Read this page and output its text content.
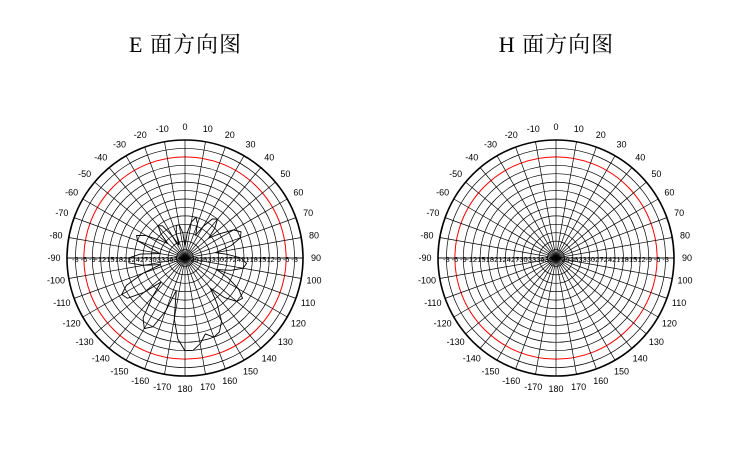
E 面方向图
180
-170
-160
-150
-140
-130
-120
-110
-100
-90
-80
-70
-60
-50
-40
-30
-20
-10 0 10
20
30
40
50
60
70
80
90
100
110
120
130
140
150
160
170
-39 -39
-36	-36
-33	-33
-30	-30
-27	-27
-24	-24
-21	-21
-18	-18
-15	-15
-12	-12
-9	-9
-6	-6
-3	-3
H 面方向图
180
-170
-160
-150
-140
-130
-120
-110
-100
-90
-80
-70
-60
-50
-40
-30
-20
-10 0 10
20
30
40
50
60
70
80
90
100
110
120
130
140
150
160
170
-39 -39
-36	-36
-33	-33
-30	-30
-27	-27
-24	-24
-21	-21
-18	-18
-15	-15
-12	-12
-9	-9
-6	-6
-3	-3
